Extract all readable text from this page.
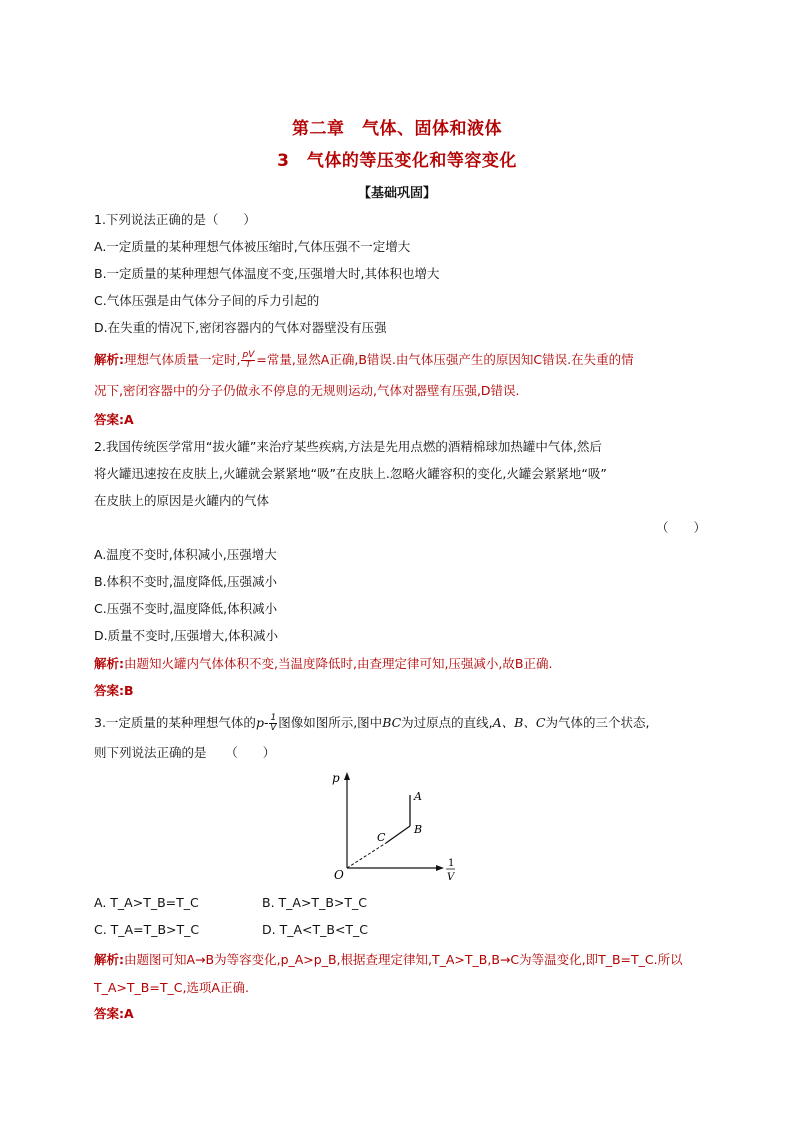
第二章　气体、固体和液体
3　气体的等压变化和等容变化
【基础巩固】
1.下列说法正确的是（　　）
A.一定质量的某种理想气体被压缩时,气体压强不一定增大
B.一定质量的某种理想气体温度不变,压强增大时,其体积也增大
C.气体压强是由气体分子间的斥力引起的
D.在失重的情况下,密闭容器内的气体对器壁没有压强
解析:理想气体质量一定时, $\frac{pV}{T}$ =常量,显然A正确,B错误.由气体压强产生的原因知C错误.在失重的情
况下,密闭容器中的分子仍做永不停息的无规则运动,气体对器壁有压强,D错误.
答案:A
2.我国传统医学常用“拔火罐”来治疗某些疾病,方法是先用点燃的酒精棉球加热罐中气体,然后
将火罐迅速按在皮肤上,火罐就会紧紧地“吸”在皮肤上.忽略火罐容积的变化,火罐会紧紧地“吸”
在皮肤上的原因是火罐内的气体
（　　）
A.温度不变时,体积减小,压强增大
B.体积不变时,温度降低,压强减小
C.压强不变时,温度降低,体积减小
D.质量不变时,压强增大,体积减小
解析:由题知火罐内气体体积不变,当温度降低时,由查理定律可知,压强减小,故B正确.
答案:B
3.一定质量的某种理想气体的$p- \frac{1}{V}$ 图像如图所示,图中BC为过原点的直线,A、B、C为气体的三个状态,
则下列说法正确的是　　（　　）
p
O
A
B
C
1
V
A. T_A>T_B=T_C	B. T_A>T_B>T_C
C. T_A=T_B>T_C	D. T_A<T_B<T_C
解析:由题图可知A→B为等容变化,p_A>p_B,根据查理定律知,T_A>T_B,B→C为等温变化,即T_B=T_C.所以
T_A>T_B=T_C,选项A正确.
答案:A
